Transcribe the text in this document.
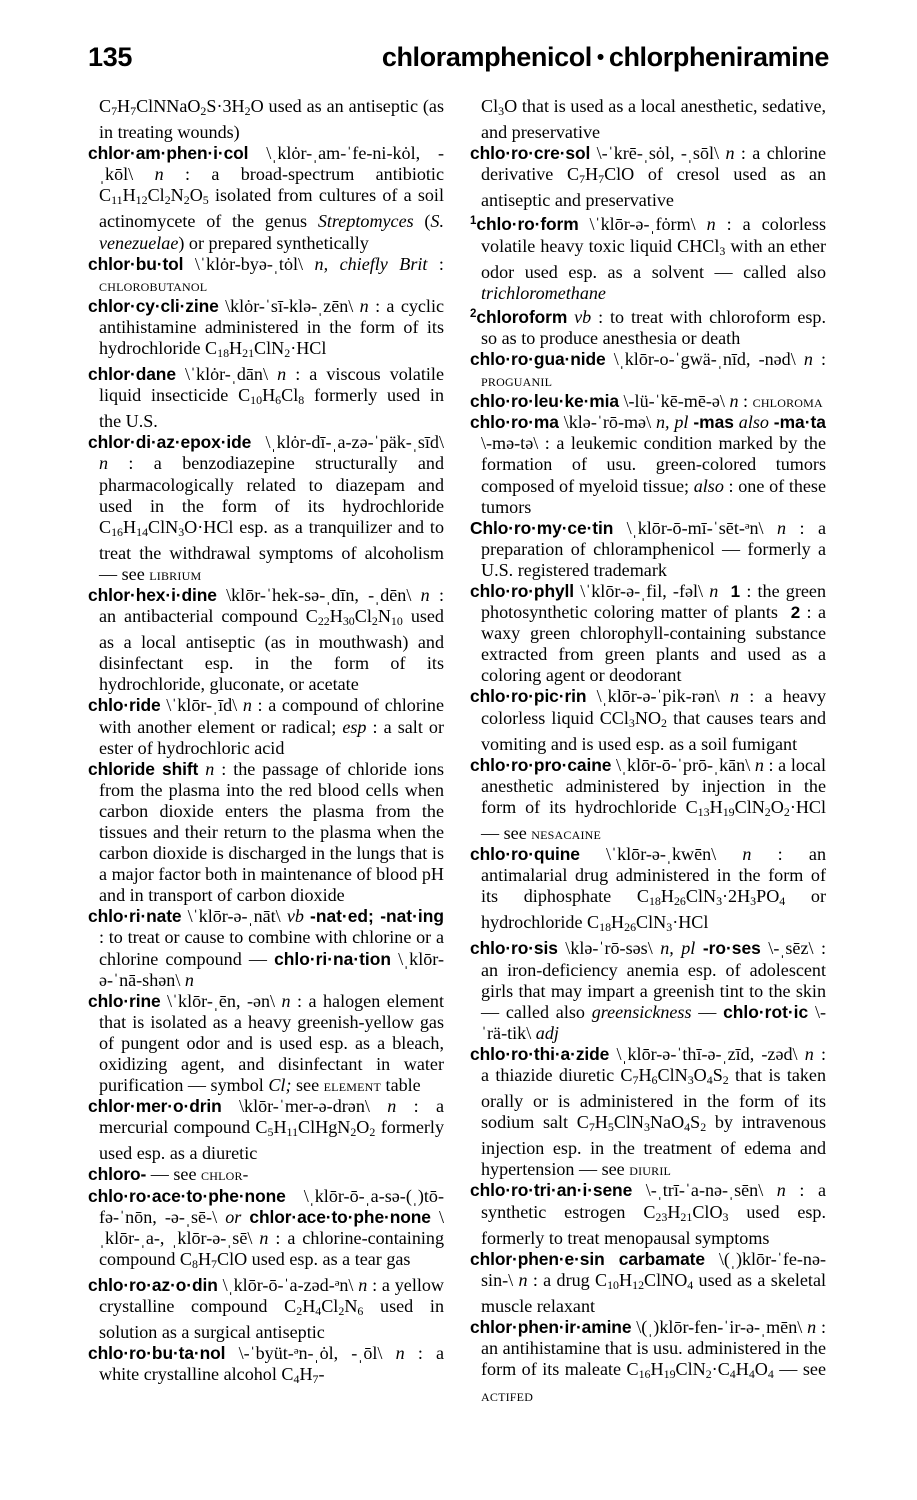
135	chloramphenicol • chlorpheniramine

$C_7H_7ClNNaO_2S\cdot 3H_2O$ used as an antiseptic (as in treating wounds)

chlor·am·phen·i·col \ˌklȯr-ˌam-ˈfe-ni-kȯl, -ˌkōl\ n : a broad-spectrum antibiotic $C_{11}H_{12}Cl_2N_2O_5$ isolated from cultures of a soil actinomycete of the genus Streptomyces (S. venezuelae) or prepared synthetically

chlor·bu·tol \ˈklȯr-byə-ˌtȯl\ n, chiefly Brit : chlorobutanol

chlor·cy·cli·zine \klȯr-ˈsī-klə-ˌzēn\ n : a cyclic antihistamine administered in the form of its hydrochloride $C_{18}H_{21}ClN_2\cdot HCl$

chlor·dane \ˈklȯr-ˌdān\ n : a viscous volatile liquid insecticide $C_{10}H_6Cl_8$ formerly used in the U.S.

chlor·di·az·epox·ide \ˌklȯr-dī-ˌa-zə-ˈpäk-ˌsīd\ n : a benzodiazepine structurally and pharmacologically related to diazepam and used in the form of its hydrochloride $C_{16}H_{14}ClN_3O\cdot HCl$ esp. as a tranquilizer and to treat the withdrawal symptoms of alcoholism — see librium

chlor·hex·i·dine \klōr-ˈhek-sə-ˌdīn, -ˌdēn\ n : an antibacterial compound $C_{22}H_{30}Cl_2N_{10}$ used as a local antiseptic (as in mouthwash) and disinfectant esp. in the form of its hydrochloride, gluconate, or acetate

chlo·ride \ˈklōr-ˌīd\ n : a compound of chlorine with another element or radical; esp : a salt or ester of hydrochloric acid

chloride shift n : the passage of chloride ions from the plasma into the red blood cells when carbon dioxide enters the plasma from the tissues and their return to the plasma when the carbon dioxide is discharged in the lungs that is a major factor both in maintenance of blood pH and in transport of carbon dioxide

chlo·ri·nate \ˈklōr-ə-ˌnāt\ vb -nat·ed; -nat·ing : to treat or cause to combine with chlorine or a chlorine compound — chlo·ri·na·tion \ˌklōr-ə-ˈnā-shən\ n

chlo·rine \ˈklōr-ˌēn, -ən\ n : a halogen element that is isolated as a heavy greenish-yellow gas of pungent odor and is used esp. as a bleach, oxidizing agent, and disinfectant in water purification — symbol Cl; see element table

chlor·mer·o·drin \klōr-ˈmer-ə-drən\ n : a mercurial compound $C_5H_{11}ClHgN_2O_2$ formerly used esp. as a diuretic

chloro- — see chlor-

chlo·ro·ace·to·phe·none \ˌklōr-ō-ˌa-sə-(ˌ)tō-fə-ˈnōn, -ə-ˌsē-\ or chlor·ace·to·phe·none \ˌklōr-ˌa-, ˌklōr-ə-ˌsē\ n : a chlorine-containing compound $C_8H_7ClO$ used esp. as a tear gas

chlo·ro·az·o·din \ˌklōr-ō-ˈa-zəd-ᵊn\ n : a yellow crystalline compound $C_2H_4Cl_2N_6$ used in solution as a surgical antiseptic

chlo·ro·bu·ta·nol \-ˈbyüt-ᵊn-ˌȯl, -ˌōl\ n : a white crystalline alcohol $C_4H_7-$

$Cl_3O$ that is used as a local anesthetic, sedative, and preservative

chlo·ro·cre·sol \-ˈkrē-ˌsȯl, -ˌsōl\ n : a chlorine derivative $C_7H_7ClO$ of cresol used as an antiseptic and preservative

$^1$chlo·ro·form \ˈklōr-ə-ˌfȯrm\ n : a colorless volatile heavy toxic liquid CHCl$_3$ with an ether odor used esp. as a solvent — called also trichloromethane

$^2$chloroform vb : to treat with chloroform esp. so as to produce anesthesia or death

chlo·ro·gua·nide \ˌklōr-o-ˈgwä-ˌnīd, -nəd\ n : proguanil

chlo·ro·leu·ke·mia \-lü-ˈkē-mē-ə\ n : chloroma

chlo·ro·ma \klə-ˈrō-mə\ n, pl -mas also -ma·ta \-mə-tə\ : a leukemic condition marked by the formation of usu. green-colored tumors composed of myeloid tissue; also : one of these tumors

Chlo·ro·my·ce·tin \ˌklōr-ō-mī-ˈsēt-ᵊn\ n : a preparation of chloramphenicol — formerly a U.S. registered trademark

chlo·ro·phyll \ˈklōr-ə-ˌfil, -fəl\ n 1 : the green photosynthetic coloring matter of plants  2 : a waxy green chlorophyll-containing substance extracted from green plants and used as a coloring agent or deodorant

chlo·ro·pic·rin \ˌklōr-ə-ˈpik-rən\ n : a heavy colorless liquid $CCl_3NO_2$ that causes tears and vomiting and is used esp. as a soil fumigant

chlo·ro·pro·caine \ˌklōr-ō-ˈprō-ˌkān\ n : a local anesthetic administered by injection in the form of its hydrochloride $C_{13}H_{19}ClN_2O_2\cdot HCl$ — see nesacaine

chlo·ro·quine \ˈklōr-ə-ˌkwēn\ n : an antimalarial drug administered in the form of its diphosphate $C_{18}H_{26}ClN_3\cdot 2H_3PO_4$ or hydrochloride $C_{18}H_{26}ClN_3\cdot HCl$

chlo·ro·sis \klə-ˈrō-səs\ n, pl -ro·ses \-ˌsēz\ : an iron-deficiency anemia esp. of adolescent girls that may impart a greenish tint to the skin — called also greensickness — chlo·rot·ic \-ˈrä-tik\ adj

chlo·ro·thi·a·zide \ˌklōr-ə-ˈthī-ə-ˌzīd, -zəd\ n : a thiazide diuretic $C_7H_6ClN_3O_4S_2$ that is taken orally or is administered in the form of its sodium salt $C_7H_5ClN_3NaO_4S_2$ by intravenous injection esp. in the treatment of edema and hypertension — see diuril

chlo·ro·tri·an·i·sene \-ˌtrī-ˈa-nə-ˌsēn\ n : a synthetic estrogen $C_{23}H_{21}ClO_3$ used esp. formerly to treat menopausal symptoms

chlor·phen·e·sin carbamate \(ˌ)klōr-ˈfe-nə-sin-\ n : a drug $C_{10}H_{12}ClNO_4$ used as a skeletal muscle relaxant

chlor·phen·ir·amine \(ˌ)klōr-fen-ˈir-ə-ˌmēn\ n : an antihistamine that is usu. administered in the form of its maleate $C_{16}H_{19}ClN_2\cdot C_4H_4O_4$ — see actifed
